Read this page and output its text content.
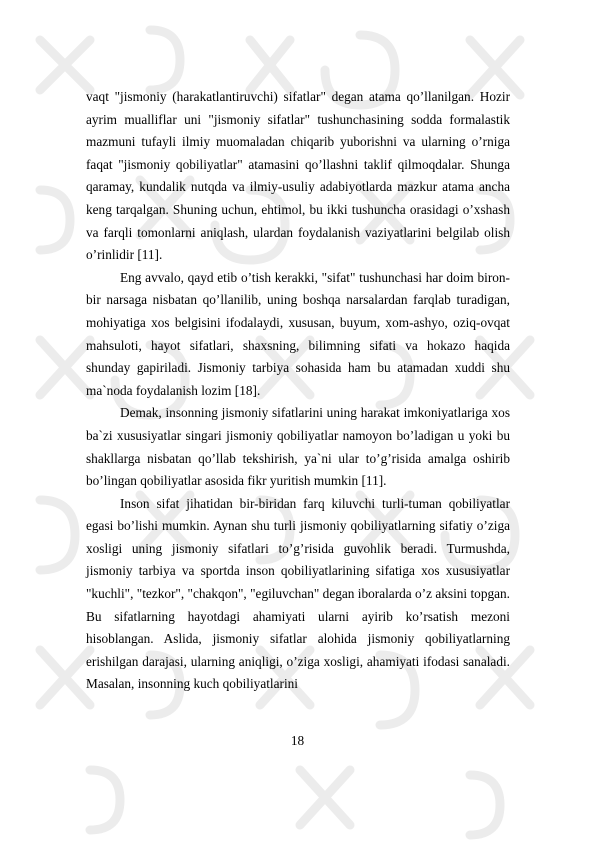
vaqt "jismoniy (harakatlantiruvchi) sifatlar" degan atama qo’llanilgan. Hozir ayrim mualliflar uni "jismoniy sifatlar" tushunchasining sodda formalastik mazmuni tufayli ilmiy muomaladan chiqarib yuborishni va ularning o’rniga faqat "jismoniy qobiliyatlar" atamasini qo’llashni taklif qilmoqdalar. Shunga qaramay, kundalik nutqda va ilmiy-usuliy adabiyotlarda mazkur atama ancha keng tarqalgan. Shuning uchun, ehtimol, bu ikki tushuncha orasidagi o’xshash va farqli tomonlarni aniqlash, ulardan foydalanish vaziyatlarini belgilab olish o’rinlidir [11].

Eng avvalo, qayd etib o’tish kerakki, "sifat" tushunchasi har doim biron-bir narsaga nisbatan qo’llanilib, uning boshqa narsalardan farqlab turadigan, mohiyatiga xos belgisini ifodalaydi, xususan, buyum, xom-ashyo, oziq-ovqat mahsuloti, hayot sifatlari, shaxsning, bilimning sifati va hokazo haqida shunday gapiriladi. Jismoniy tarbiya sohasida ham bu atamadan xuddi shu ma`noda foydalanish lozim [18].

Demak, insonning jismoniy sifatlarini uning harakat imkoniyatlariga xos ba`zi xususiyatlar singari jismoniy qobiliyatlar namoyon bo’ladigan u yoki bu shakllarga nisbatan qo’llab tekshirish, ya`ni ular to’g’risida amalga oshirib bo’lingan qobiliyatlar asosida fikr yuritish mumkin [11].

Inson sifat jihatidan bir-biridan farq kiluvchi turli-tuman qobiliyatlar egasi bo’lishi mumkin. Aynan shu turli jismoniy qobiliyatlarning sifatiy o’ziga xosligi uning jismoniy sifatlari to’g’risida guvohlik beradi. Turmushda, jismoniy tarbiya va sportda inson qobiliyatlarining sifatiga xos xususiyatlar "kuchli", "tezkor", "chakqon", "egiluvchan" degan iboralarda o’z aksini topgan. Bu sifatlarning hayotdagi ahamiyati ularni ayirib ko’rsatish mezoni hisoblangan. Aslida, jismoniy sifatlar alohida jismoniy qobiliyatlarning erishilgan darajasi, ularning aniqligi, o’ziga xosligi, ahamiyati ifodasi sanaladi. Masalan, insonning kuch qobiliyatlarini

18
